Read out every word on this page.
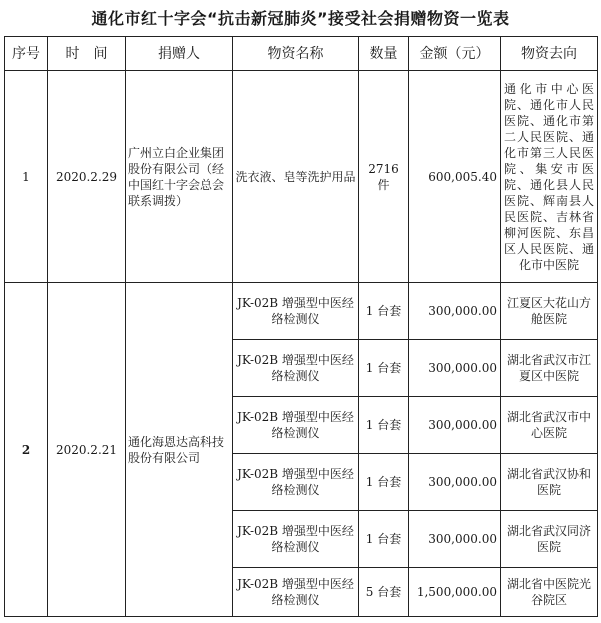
通化市红十字会“抗击新冠肺炎”接受社会捐赠物资一览表
序号	时　间	捐赠人	物资名称	数量	金额（元）	物资去向
1	2020.2.29	广州立白企业集团股份有限公司（经中国红十字会总会联系调拨）	洗衣液、皂等洗护用品	2716 件	600,005.40	通化市中心医院、通化市人民医院、通化市第二人民医院、通化市第三人民医院、集安市医院、通化县人民医院、辉南县人民医院、吉林省柳河医院、东昌区人民医院、通化市中医院
2	2020.2.21	通化海恩达高科技股份有限公司	JK-02B 增强型中医经络检测仪	1 台套	300,000.00	江夏区大花山方舱医院
			JK-02B 增强型中医经络检测仪	1 台套	300,000.00	湖北省武汉市江夏区中医院
			JK-02B 增强型中医经络检测仪	1 台套	300,000.00	湖北省武汉市中心医院
			JK-02B 增强型中医经络检测仪	1 台套	300,000.00	湖北省武汉协和医院
			JK-02B 增强型中医经络检测仪	1 台套	300,000.00	湖北省武汉同济医院
			JK-02B 增强型中医经络检测仪	5 台套	1,500,000.00	湖北省中医院光谷院区
